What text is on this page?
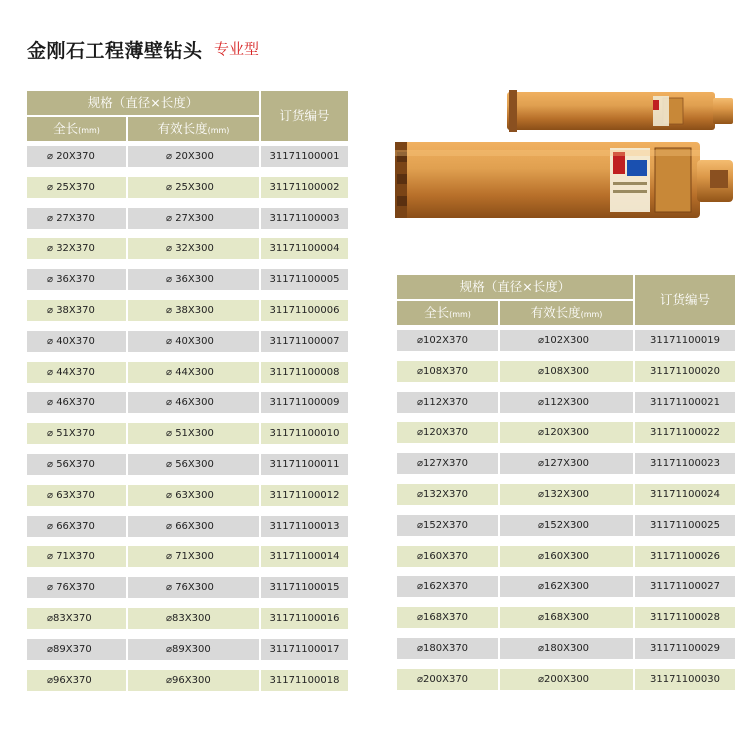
金刚石工程薄壁钻头 专业型
规格（直径×长度）
全长(mm)	有效长度(mm)
订货编号
⌀ 20X370	⌀ 20X300	31171100001
⌀ 25X370	⌀ 25X300	31171100002
⌀ 27X370	⌀ 27X300	31171100003
⌀ 32X370	⌀ 32X300	31171100004
⌀ 36X370	⌀ 36X300	31171100005
⌀ 38X370	⌀ 38X300	31171100006
⌀ 40X370	⌀ 40X300	31171100007
⌀ 44X370	⌀ 44X300	31171100008
⌀ 46X370	⌀ 46X300	31171100009
⌀ 51X370	⌀ 51X300	31171100010
⌀ 56X370	⌀ 56X300	31171100011
⌀ 63X370	⌀ 63X300	31171100012
⌀ 66X370	⌀ 66X300	31171100013
⌀ 71X370	⌀ 71X300	31171100014
⌀ 76X370	⌀ 76X300	31171100015
⌀83X370	⌀83X300	31171100016
⌀89X370	⌀89X300	31171100017
⌀96X370	⌀96X300	31171100018
规格（直径×长度）
全长(mm)	有效长度(mm)
订货编号
⌀102X370	⌀102X300	31171100019
⌀108X370	⌀108X300	31171100020
⌀112X370	⌀112X300	31171100021
⌀120X370	⌀120X300	31171100022
⌀127X370	⌀127X300	31171100023
⌀132X370	⌀132X300	31171100024
⌀152X370	⌀152X300	31171100025
⌀160X370	⌀160X300	31171100026
⌀162X370	⌀162X300	31171100027
⌀168X370	⌀168X300	31171100028
⌀180X370	⌀180X300	31171100029
⌀200X370	⌀200X300	31171100030
